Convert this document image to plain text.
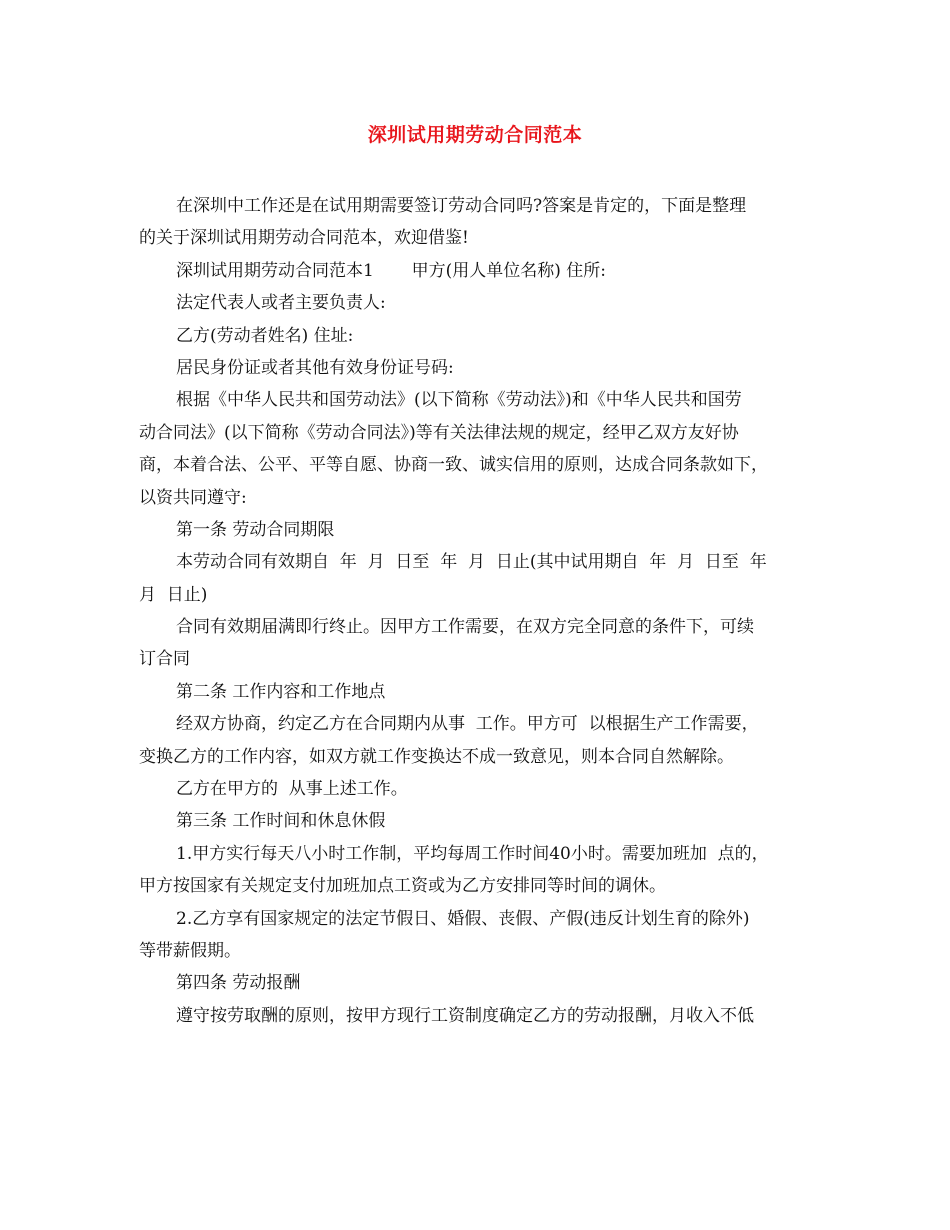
深圳试用期劳动合同范本
在深圳中工作还是在试用期需要签订劳动合同吗?答案是肯定的，下面是整理
的关于深圳试用期劳动合同范本，欢迎借鉴!
深圳试用期劳动合同范本1       甲方(用人单位名称) 住所:
法定代表人或者主要负责人:
乙方(劳动者姓名) 住址:
居民身份证或者其他有效身份证号码:
根据《中华人民共和国劳动法》(以下简称《劳动法》)和《中华人民共和国劳
动合同法》(以下简称《劳动合同法》)等有关法律法规的规定，经甲乙双方友好协
商，本着合法、公平、平等自愿、协商一致、诚实信用的原则，达成合同条款如下，
以资共同遵守:
第一条 劳动合同期限
本劳动合同有效期自  年  月  日至  年  月  日止(其中试用期自  年  月  日至  年
月  日止)
合同有效期届满即行终止。因甲方工作需要，在双方完全同意的条件下，可续
订合同
第二条 工作内容和工作地点
经双方协商，约定乙方在合同期内从事  工作。甲方可  以根据生产工作需要，
变换乙方的工作内容，如双方就工作变换达不成一致意见，则本合同自然解除。
乙方在甲方的  从事上述工作。
第三条 工作时间和休息休假
1.甲方实行每天八小时工作制，平均每周工作时间40小时。需要加班加  点的，
甲方按国家有关规定支付加班加点工资或为乙方安排同等时间的调休。
2.乙方享有国家规定的法定节假日、婚假、丧假、产假(违反计划生育的除外)
等带薪假期。
第四条 劳动报酬
遵守按劳取酬的原则，按甲方现行工资制度确定乙方的劳动报酬，月收入不低
